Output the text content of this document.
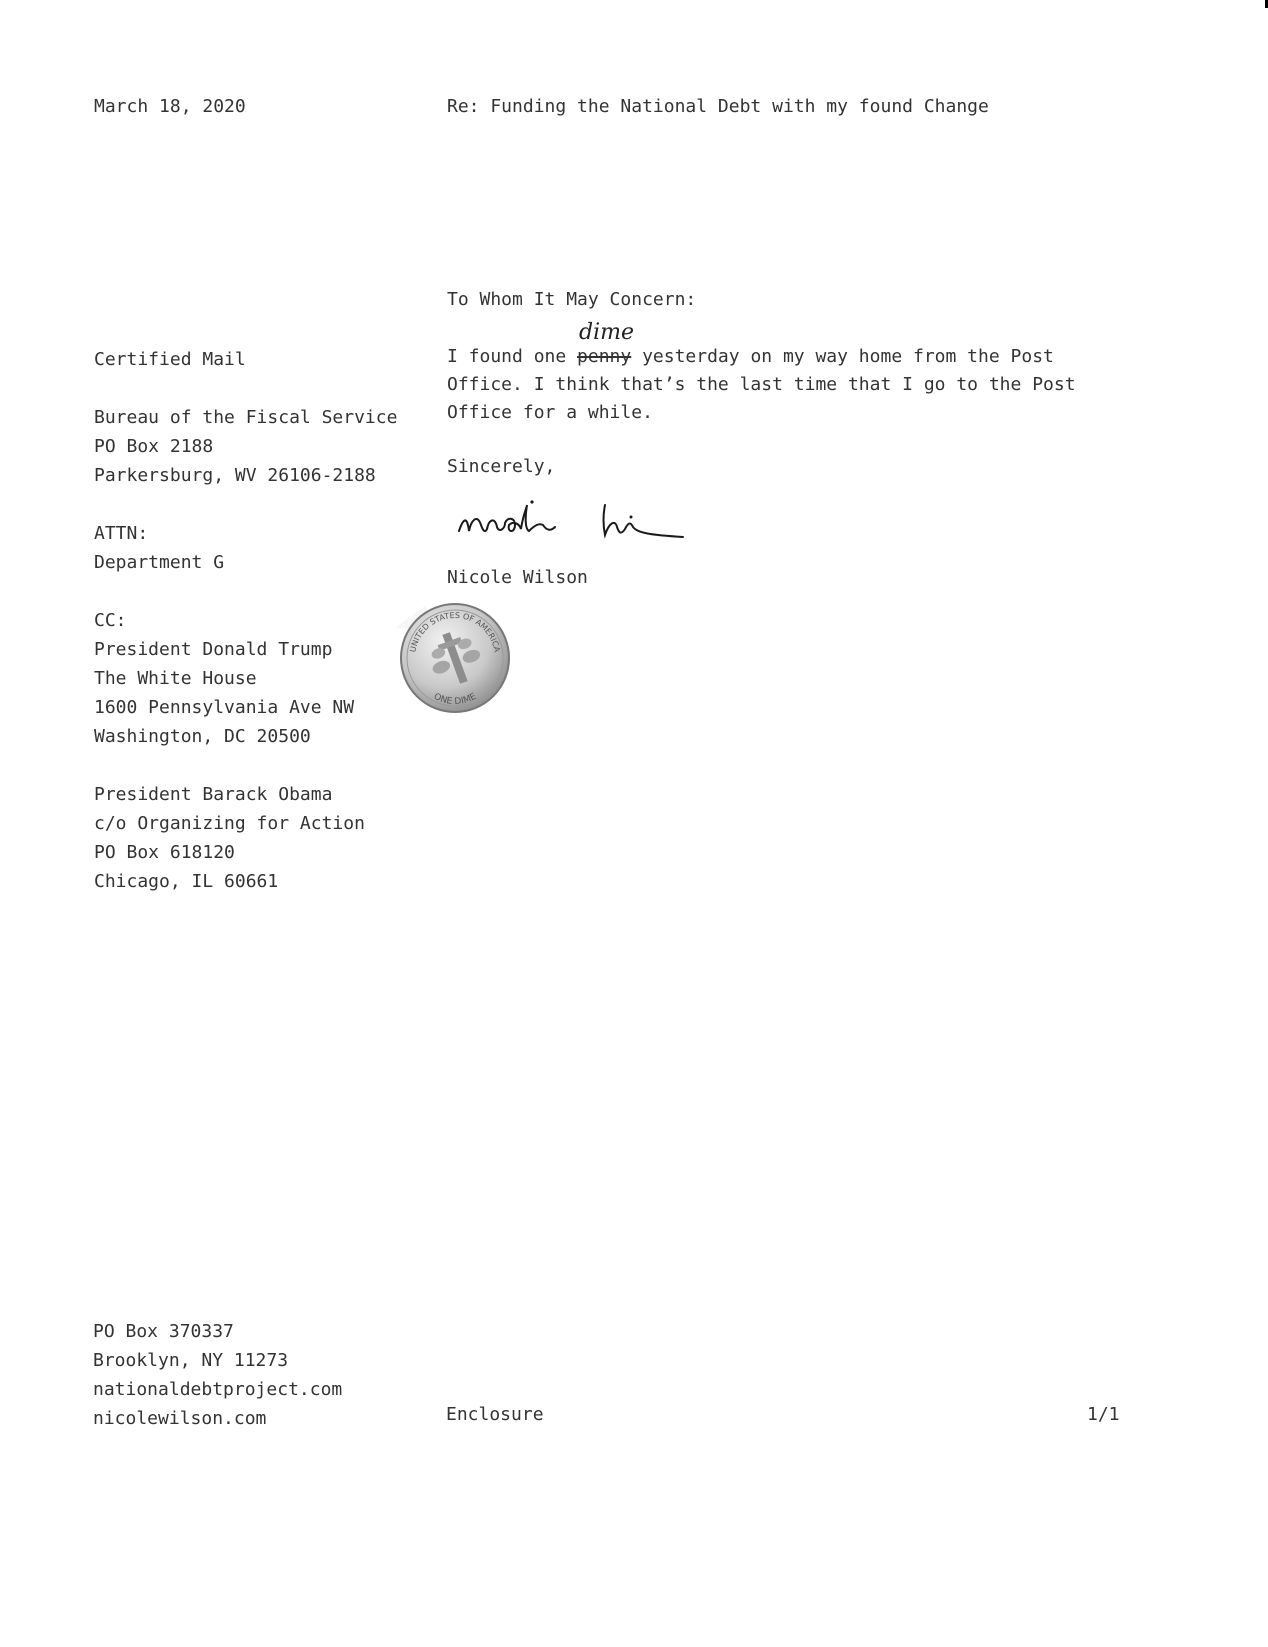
March 18, 2020	Re: Funding the National Debt with my found Change
Certified Mail
Bureau of the Fiscal Service
PO Box 2188
Parkersburg, WV 26106-2188
ATTN:
Department G
CC:
President Donald Trump
The White House
1600 Pennsylvania Ave NW
Washington, DC 20500
President Barack Obama
c/o Organizing for Action
PO Box 618120
Chicago, IL 60661
To Whom It May Concern:
I found one penny
dime
yesterday on my way home from the Post Office. I think that’s the last time that I go to the Post Office for a while.
Sincerely,
Nicole Wilson
UNITED STATES OF AMERICA
ONE DIME
PO Box 370337
Brooklyn, NY 11273
nationaldebtproject.com
nicolewilson.com	Enclosure	1/1
